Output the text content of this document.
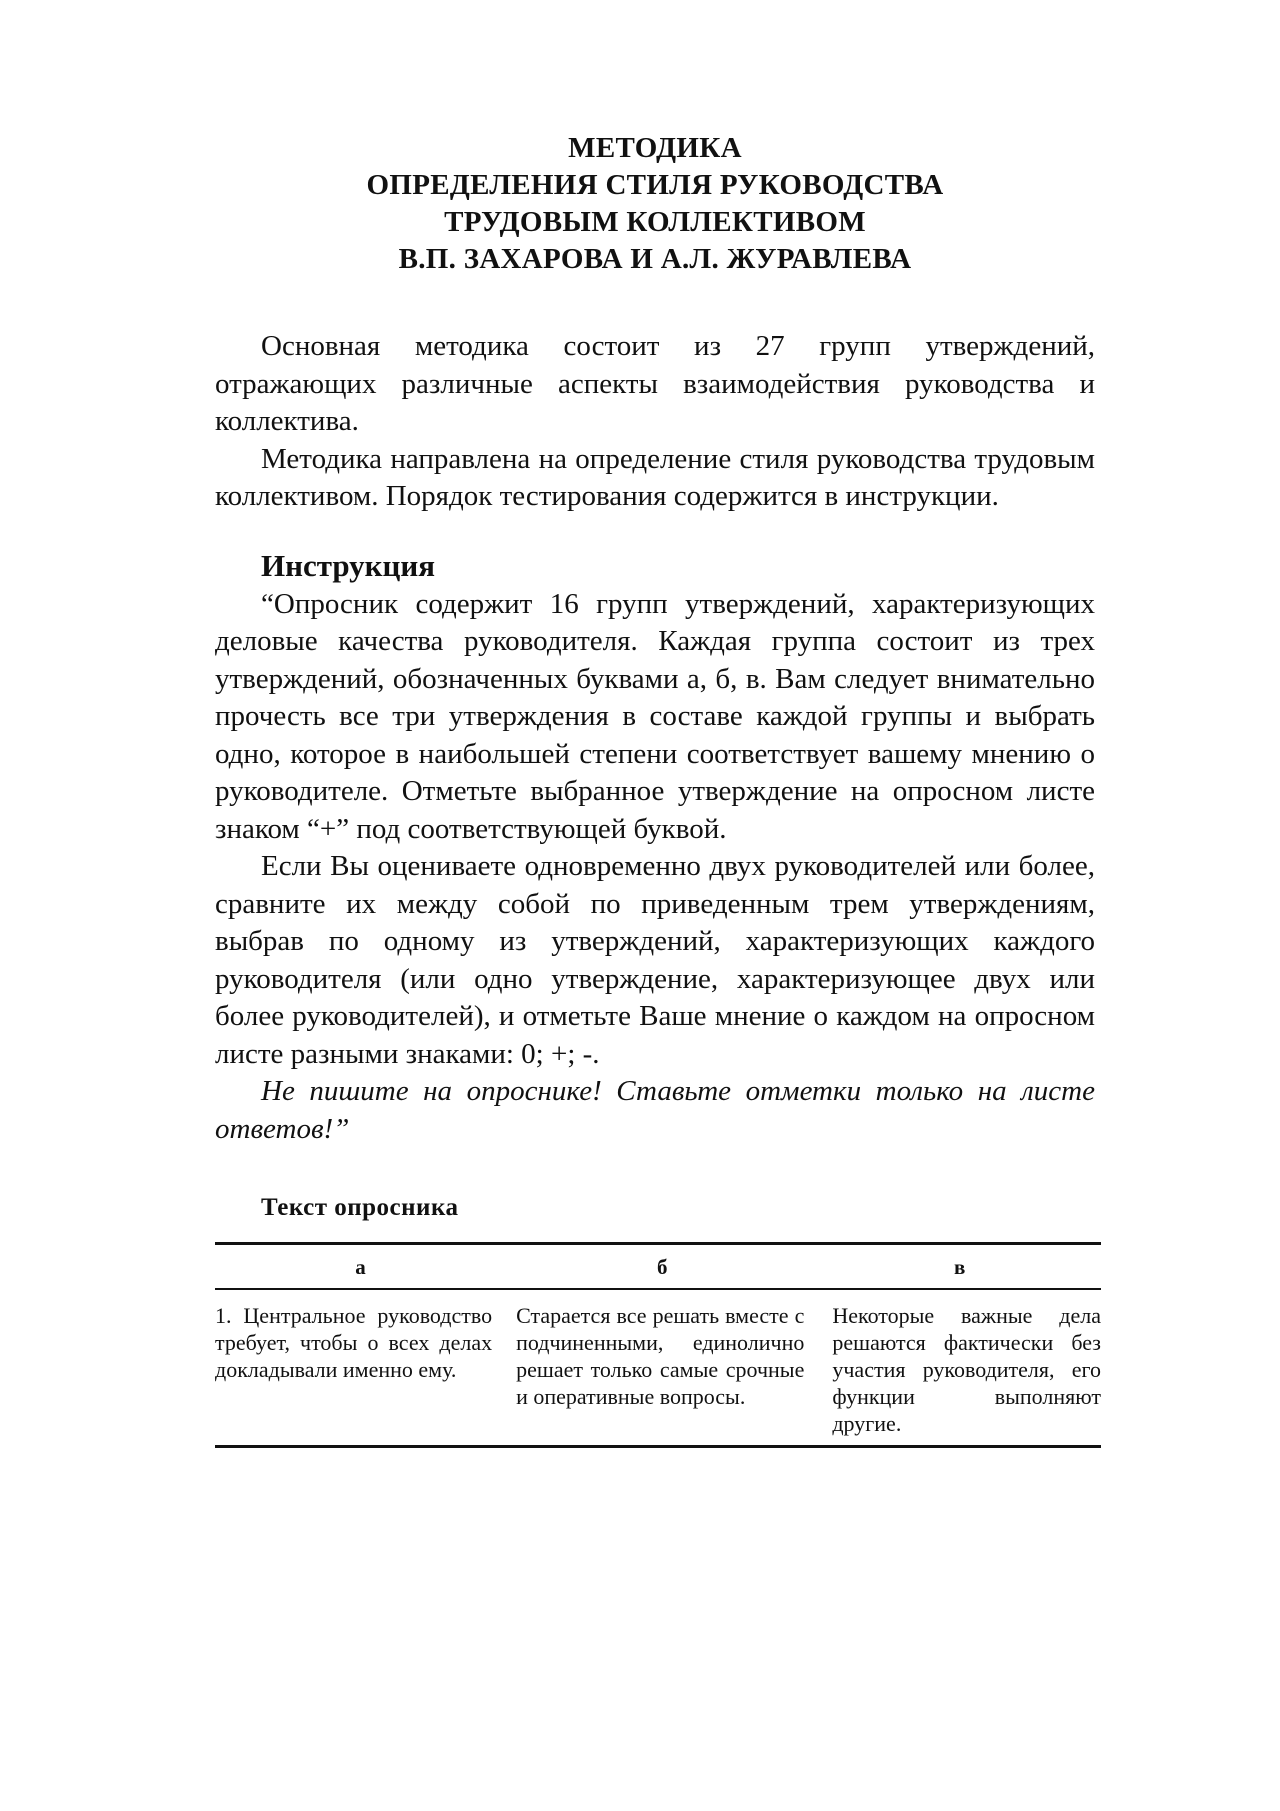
МЕТОДИКА
ОПРЕДЕЛЕНИЯ СТИЛЯ РУКОВОДСТВА
ТРУДОВЫМ КОЛЛЕКТИВОМ
В.П. ЗАХАРОВА И А.Л. ЖУРАВЛЕВА

Основная методика состоит из 27 групп утверждений, отражающих различные аспекты взаимодействия руководства и коллектива.

Методика направлена на определение стиля руководства трудовым коллективом. Порядок тестирования содержится в инструкции.

Инструкция

“Опросник содержит 16 групп утверждений, характеризующих деловые качества руководителя. Каждая группа состоит из трех утверждений, обозначенных буквами а, б, в. Вам следует внимательно прочесть все три утверждения в составе каждой группы и выбрать одно, которое в наибольшей степени соответствует вашему мнению о руководителе. Отметьте выбранное утверждение на опросном листе знаком “+” под соответствующей буквой.

Если Вы оцениваете одновременно двух руководителей или более, сравните их между собой по приведенным трем утверждениям, выбрав по одному из утверждений, характеризующих каждого руководителя (или одно утверждение, характеризующее двух или более руководителей), и отметьте Ваше мнение о каждом на опросном листе разными знаками: 0; +; -.

Не пишите на опроснике! Ставьте отметки только на листе ответов!”

Текст опросника
а	б	в
1. Центральное руководство требует, чтобы о всех делах докладывали именно ему.	Старается все решать вместе с подчиненными, единолично решает только самые срочные и оперативные вопросы.	Некоторые важные дела решаются фактически без участия руководителя, его функции выполняют другие.
